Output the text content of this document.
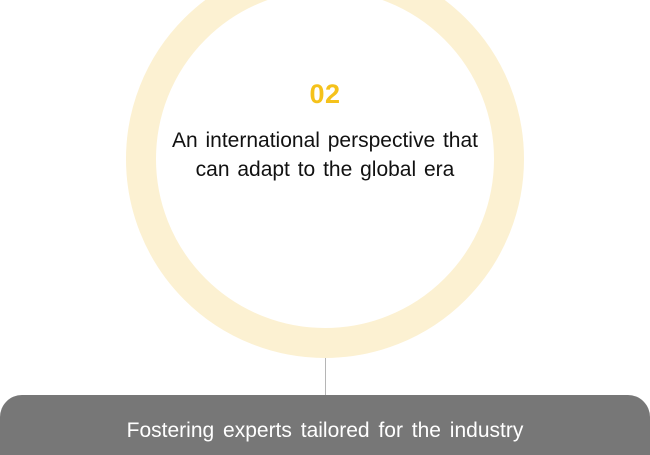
02
An international perspective that can adapt to the global era
Fostering experts tailored for the industry
